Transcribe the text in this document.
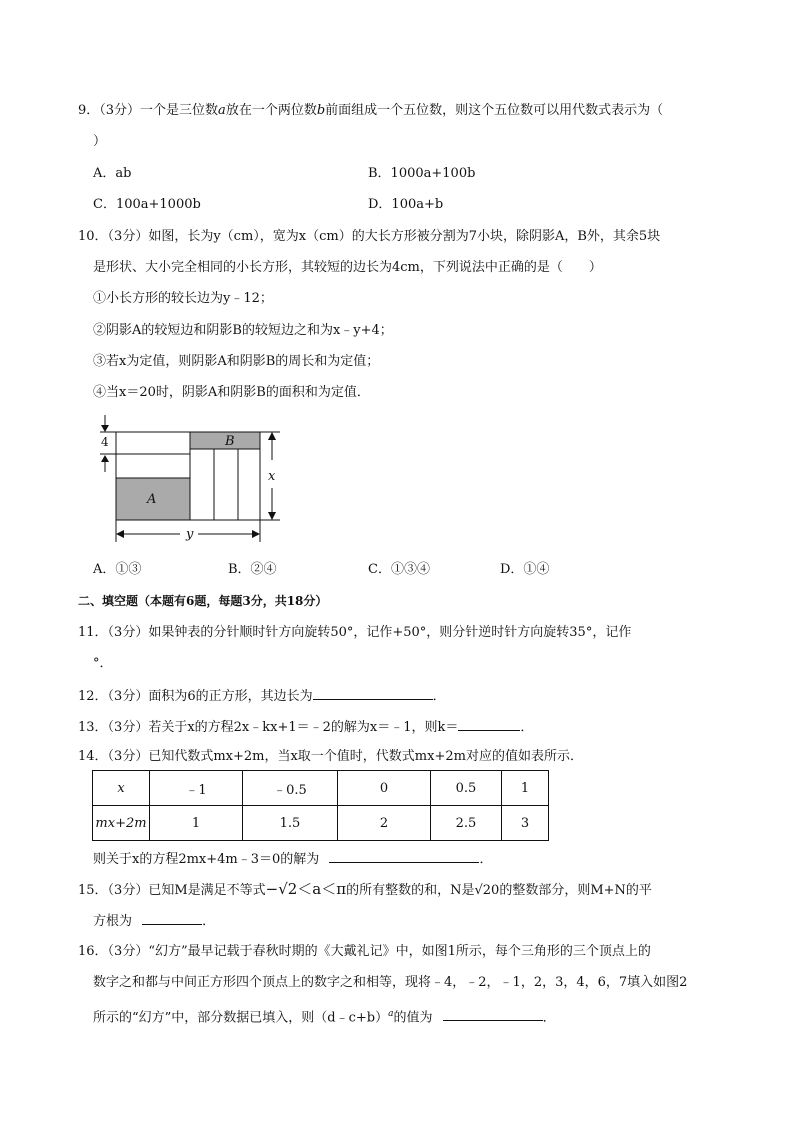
9．（3分）一个是三位数a放在一个两位数b前面组成一个五位数，则这个五位数可以用代数式表示为（
）
A．ab	B．1000a+100b
C．100a+1000b	D．100a+b
10．（3分）如图，长为y（cm），宽为x（cm）的大长方形被分割为7小块，除阴影A，B外，其余5块
是形状、大小完全相同的小长方形，其较短的边长为4cm，下列说法中正确的是（　　）
①小长方形的较长边为y﹣12；
②阴影A的较短边和阴影B的较短边之和为x﹣y+4；
③若x为定值，则阴影A和阴影B的周长和为定值；
④当x＝20时，阴影A和阴影B的面积和为定值．
4
A
B
x
y
A．①③	B．②④	C．①③④	D．①④
二、填空题（本题有6题，每题3分，共18分）
11．（3分）如果钟表的分针顺时针方向旋转50°，记作+50°，则分针逆时针方向旋转35°，记作
°．
12．（3分）面积为6的正方形，其边长为	．
13．（3分）若关于x的方程2x﹣kx+1＝﹣2的解为x＝﹣1，则k＝	．
14．（3分）已知代数式mx+2m，当x取一个值时，代数式mx+2m对应的值如表所示．
x	﹣1	﹣0.5	0	0.5	1
mx+2m	1	1.5	2	2.5	3
则关于x的方程2mx+4m﹣3＝0的解为	．
15．（3分）已知M是满足不等式−√2＜a＜π的所有整数的和，N是√20的整数部分，则M+N的平
方根为	．
16．（3分）“幻方”最早记载于春秋时期的《大戴礼记》中，如图1所示，每个三角形的三个顶点上的
数字之和都与中间正方形四个顶点上的数字之和相等，现将﹣4，﹣2，﹣1，2，3，4，6，7填入如图2
所示的“幻方”中，部分数据已填入，则（d﹣c+b）$^a$的值为	．
